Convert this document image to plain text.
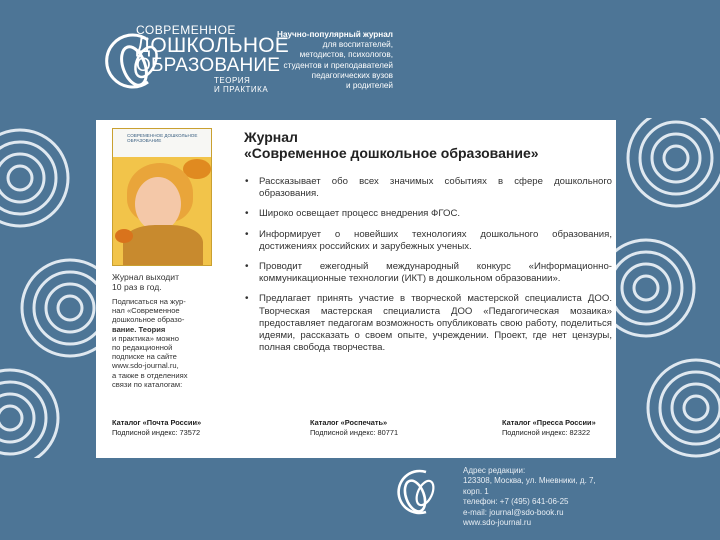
СОВРЕМЕННОЕ
ДОШКОЛЬНОЕ
ОБРАЗОВАНИЕ
ТЕОРИЯ
И ПРАКТИКА
Научно-популярный журнал
для воспитателей,
методистов, психологов,
студентов и преподавателей
педагогических вузов
и родителей
СОВРЕМЕННОЕ ДОШКОЛЬНОЕ ОБРАЗОВАНИЕ
Журнал выходит
10 раз в год.
Подписаться на жур-
нал «Современное
дошкольное образо-
вание. Теория
и практика» можно
по редакционной
подписке на сайте
www.sdo-journal.ru,
а также в отделениях
связи по каталогам:
Журнал
«Современное дошкольное образование»
• Рассказывает обо всех значимых событиях в сфере дошкольного образования.
• Широко освещает процесс внедрения ФГОС.
• Информирует о новейших технологиях дошкольного образования, достижениях российских и зарубежных ученых.
• Проводит ежегодный международный конкурс «Информационно-коммуникационные технологии (ИКТ) в дошкольном образовании».
• Предлагает принять участие в творческой мастерской специалиста ДОО. Творческая мастерская специалиста ДОО «Педагогическая мозаика» предоставляет педагогам возможность опубликовать свою работу, поделиться идеями, рассказать о своем опыте, учреждении. Проект, где нет цензуры, полная свобода творчества.
Каталог «Почта России»
Подписной индекс: 73572
Каталог «Роспечать»
Подписной индекс: 80771
Каталог «Пресса России»
Подписной индекс: 82322
Адрес редакции:
123308, Москва, ул. Мневники, д. 7,
корп. 1
телефон: +7 (495) 641-06-25
e-mail: journal@sdo-book.ru
www.sdo-journal.ru
